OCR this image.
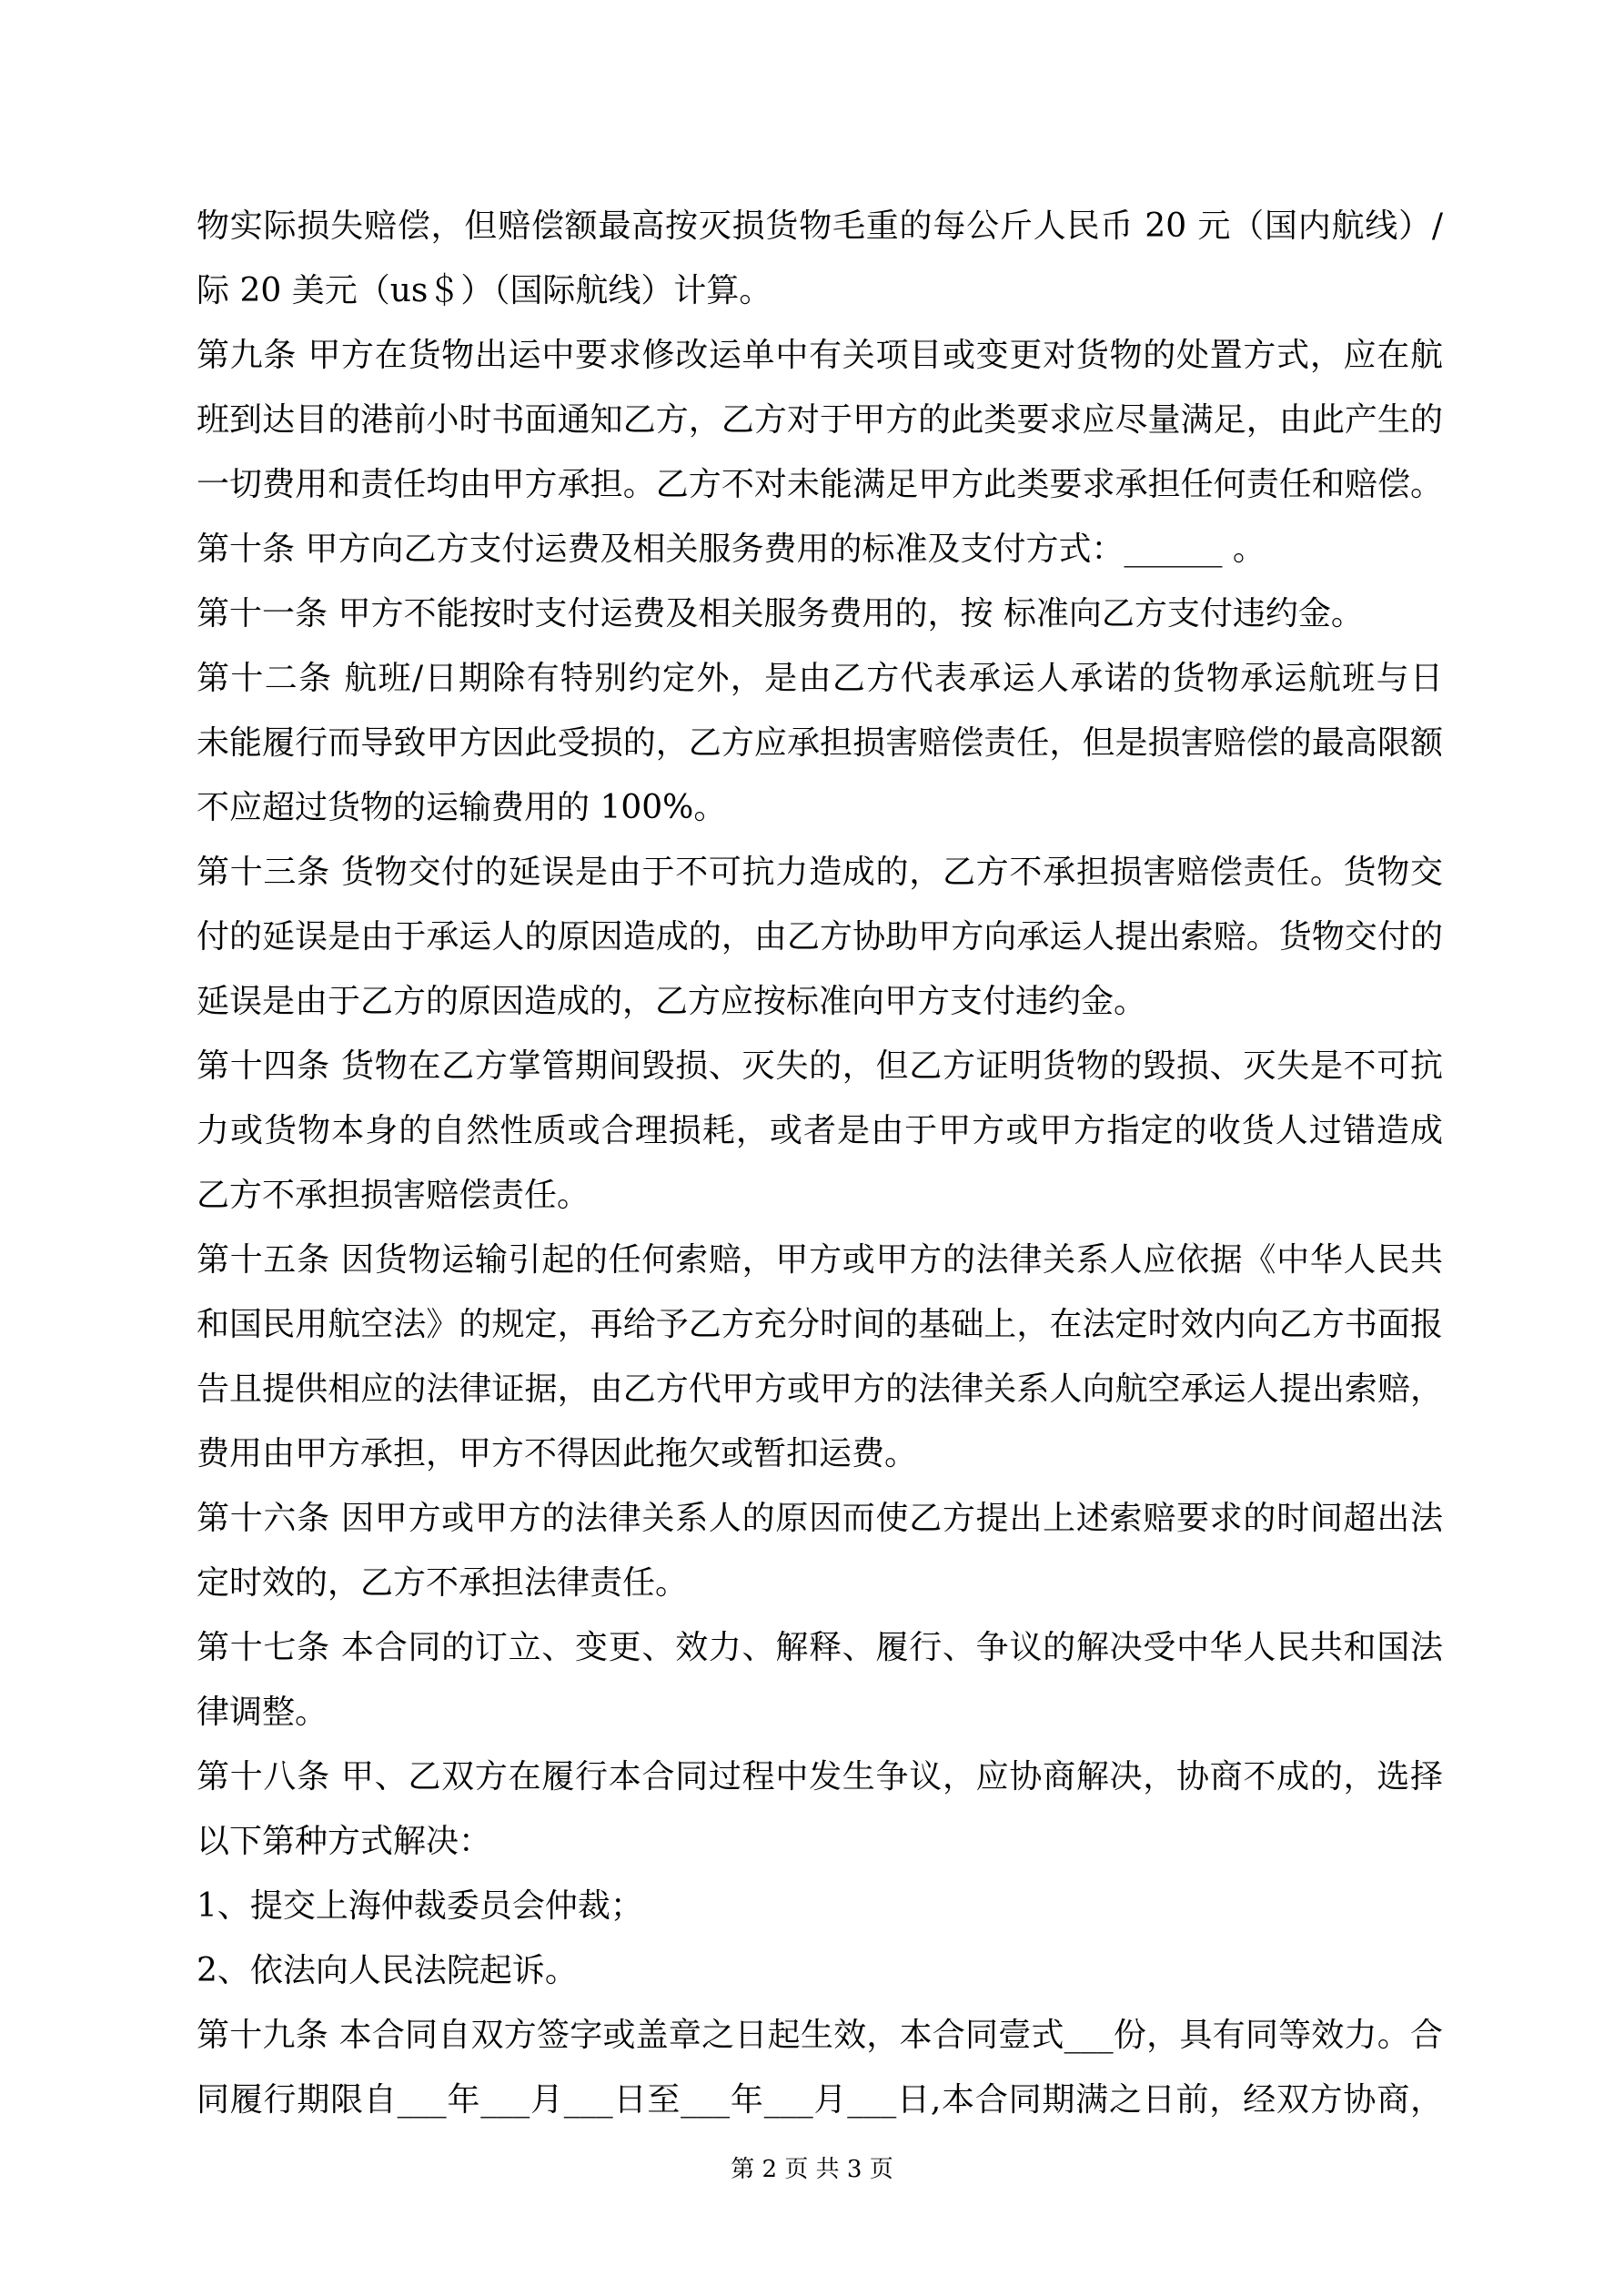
物实际损失赔偿，但赔偿额最高按灭损货物毛重的每公斤人民币 20 元（国内航线）/
际 20 美元（us＄）（国际航线）计算。
第九条 甲方在货物出运中要求修改运单中有关项目或变更对货物的处置方式，应在航
班到达目的港前小时书面通知乙方，乙方对于甲方的此类要求应尽量满足，由此产生的
一切费用和责任均由甲方承担。乙方不对未能满足甲方此类要求承担任何责任和赔偿。
第十条 甲方向乙方支付运费及相关服务费用的标准及支付方式：______ 。
第十一条 甲方不能按时支付运费及相关服务费用的，按 标准向乙方支付违约金。
第十二条 航班/日期除有特别约定外，是由乙方代表承运人承诺的货物承运航班与日
未能履行而导致甲方因此受损的，乙方应承担损害赔偿责任，但是损害赔偿的最高限额
不应超过货物的运输费用的 100%。
第十三条 货物交付的延误是由于不可抗力造成的，乙方不承担损害赔偿责任。货物交
付的延误是由于承运人的原因造成的，由乙方协助甲方向承运人提出索赔。货物交付的
延误是由于乙方的原因造成的，乙方应按标准向甲方支付违约金。
第十四条 货物在乙方掌管期间毁损、灭失的，但乙方证明货物的毁损、灭失是不可抗
力或货物本身的自然性质或合理损耗，或者是由于甲方或甲方指定的收货人过错造成
乙方不承担损害赔偿责任。
第十五条 因货物运输引起的任何索赔，甲方或甲方的法律关系人应依据《中华人民共
和国民用航空法》的规定，再给予乙方充分时间的基础上，在法定时效内向乙方书面报
告且提供相应的法律证据，由乙方代甲方或甲方的法律关系人向航空承运人提出索赔，
费用由甲方承担，甲方不得因此拖欠或暂扣运费。
第十六条 因甲方或甲方的法律关系人的原因而使乙方提出上述索赔要求的时间超出法
定时效的，乙方不承担法律责任。
第十七条 本合同的订立、变更、效力、解释、履行、争议的解决受中华人民共和国法
律调整。
第十八条 甲、乙双方在履行本合同过程中发生争议，应协商解决，协商不成的，选择
以下第种方式解决：
1、提交上海仲裁委员会仲裁；
2、依法向人民法院起诉。
第十九条 本合同自双方签字或盖章之日起生效，本合同壹式___份，具有同等效力。合
同履行期限自___年___月___日至___年___月___日,本合同期满之日前，经双方协商，
第 2 页 共 3 页
